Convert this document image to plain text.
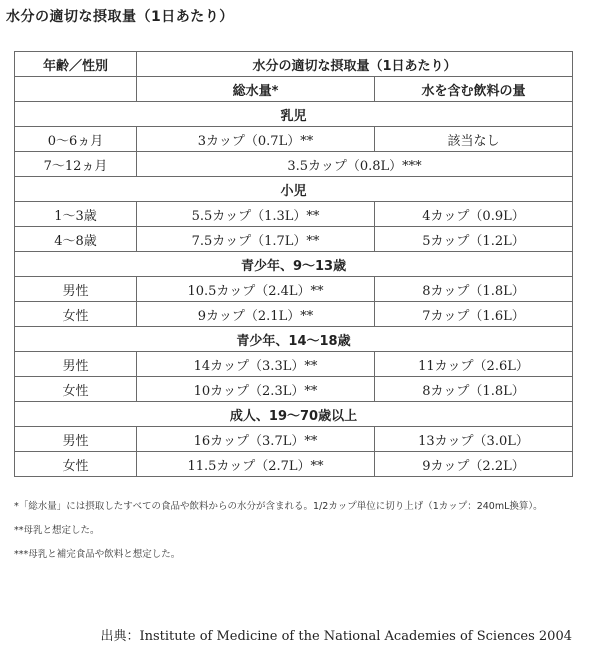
水分の適切な摂取量（1日あたり）
年齢／性別	水分の適切な摂取量（1日あたり）	
	総水量*	水を含む飲料の量
乳児		
0〜6ヵ月	3カップ（0.7L）**	該当なし
7〜12ヵ月	3.5カップ（0.8L）***	
小児		
1〜3歳	5.5カップ（1.3L）**	4カップ（0.9L）
4〜8歳	7.5カップ（1.7L）**	5カップ（1.2L）
青少年、9〜13歳		
男性	10.5カップ（2.4L）**	8カップ（1.8L）
女性	9カップ（2.1L）**	7カップ（1.6L）
青少年、14〜18歳		
男性	14カップ（3.3L）**	11カップ（2.6L）
女性	10カップ（2.3L）**	8カップ（1.8L）
成人、19〜70歳以上		
男性	16カップ（3.7L）**	13カップ（3.0L）
女性	11.5カップ（2.7L）**	9カップ（2.2L）

*「総水量」には摂取したすべての食品や飲料からの水分が含まれる。1/2カップ単位に切り上げ（1カップ：240mL換算）。

**母乳と想定した。

***母乳と補完食品や飲料と想定した。

出典：Institute of Medicine of the National Academies of Sciences 2004
